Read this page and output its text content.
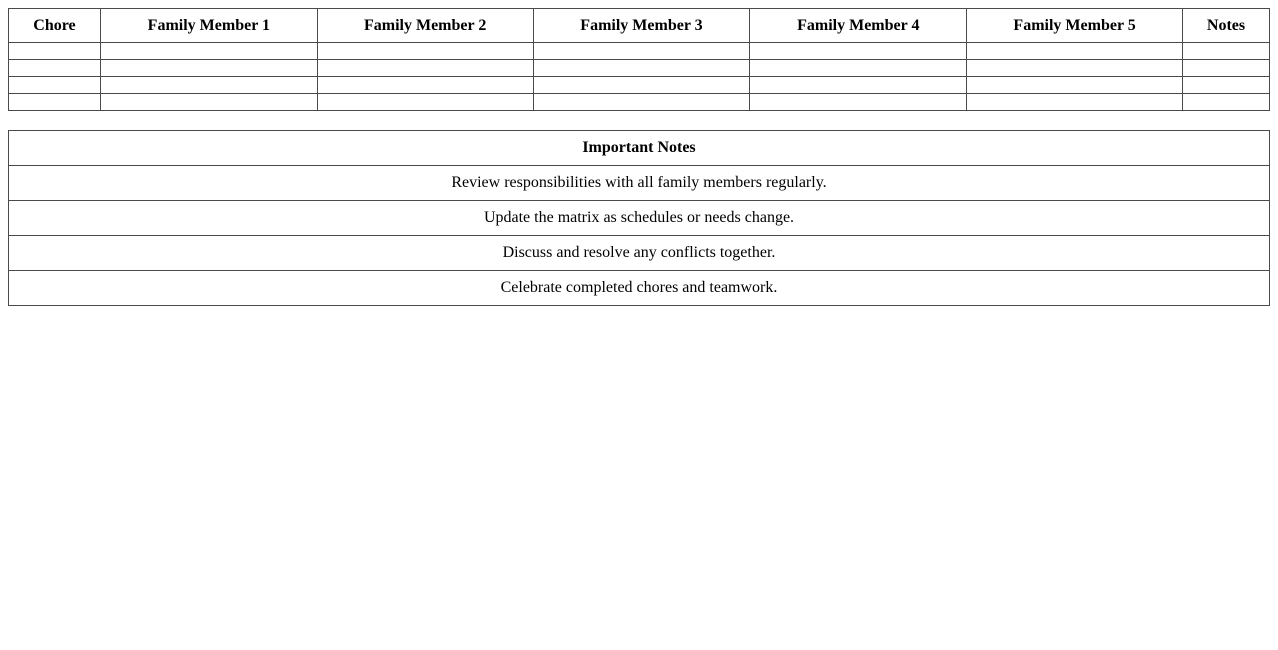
Chore	Family Member 1	Family Member 2	Family Member 3	Family Member 4	Family Member 5	Notes

Important Notes
Review responsibilities with all family members regularly.
Update the matrix as schedules or needs change.
Discuss and resolve any conflicts together.
Celebrate completed chores and teamwork.
